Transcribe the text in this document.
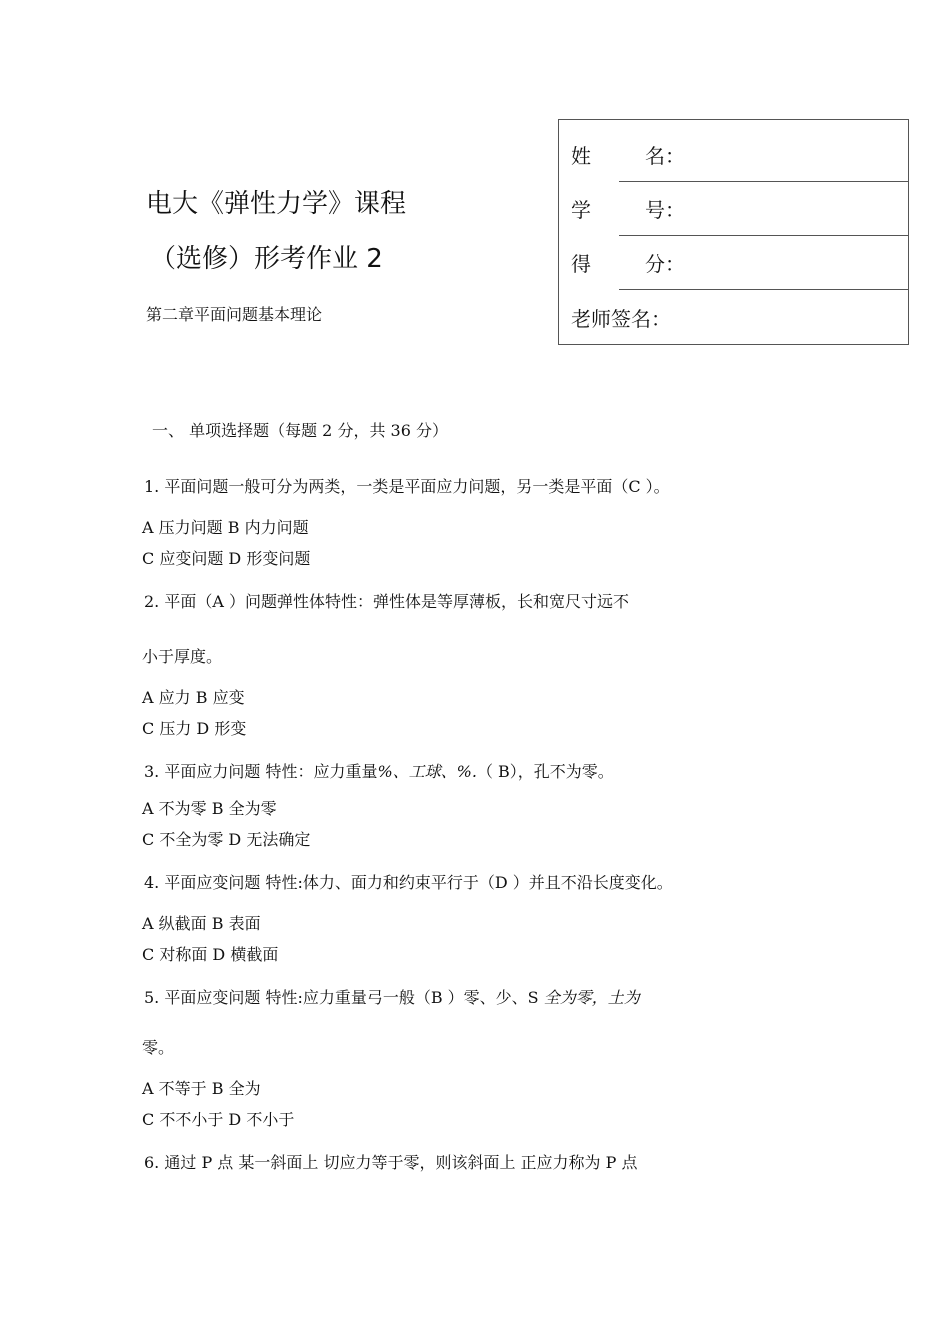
电大《弹性力学》课程
（选修）形考作业 2
第二章平面问题基本理论
姓	名：
学	号：
得	分：
老师签名：
一、 单项选择题（每题 2 分，共 36 分）
1. 平面问题一般可分为两类，一类是平面应力问题，另一类是平面（C ）。
A 压力问题 B 内力问题
C 应变问题 D 形变问题
2. 平面（A ）问题弹性体特性：弹性体是等厚薄板，长和宽尺寸远不
小于厚度。
A 应力 B 应变
C 压力 D 形变
3. 平面应力问题 特性：应力重量%、工球、%.（ B），孔不为零。
A 不为零 B 全为零
C 不全为零 D 无法确定
4. 平面应变问题 特性:体力、面力和约束平行于（D ）并且不沿长度变化。
A 纵截面 B 表面
C 对称面 D 横截面
5. 平面应变问题 特性:应力重量弓一般（B ）零、少、S 全为零，土为
零。
A 不等于 B 全为
C 不不小于 D 不小于
6. 通过 P 点 某一斜面上 切应力等于零，则该斜面上 正应力称为 P 点
